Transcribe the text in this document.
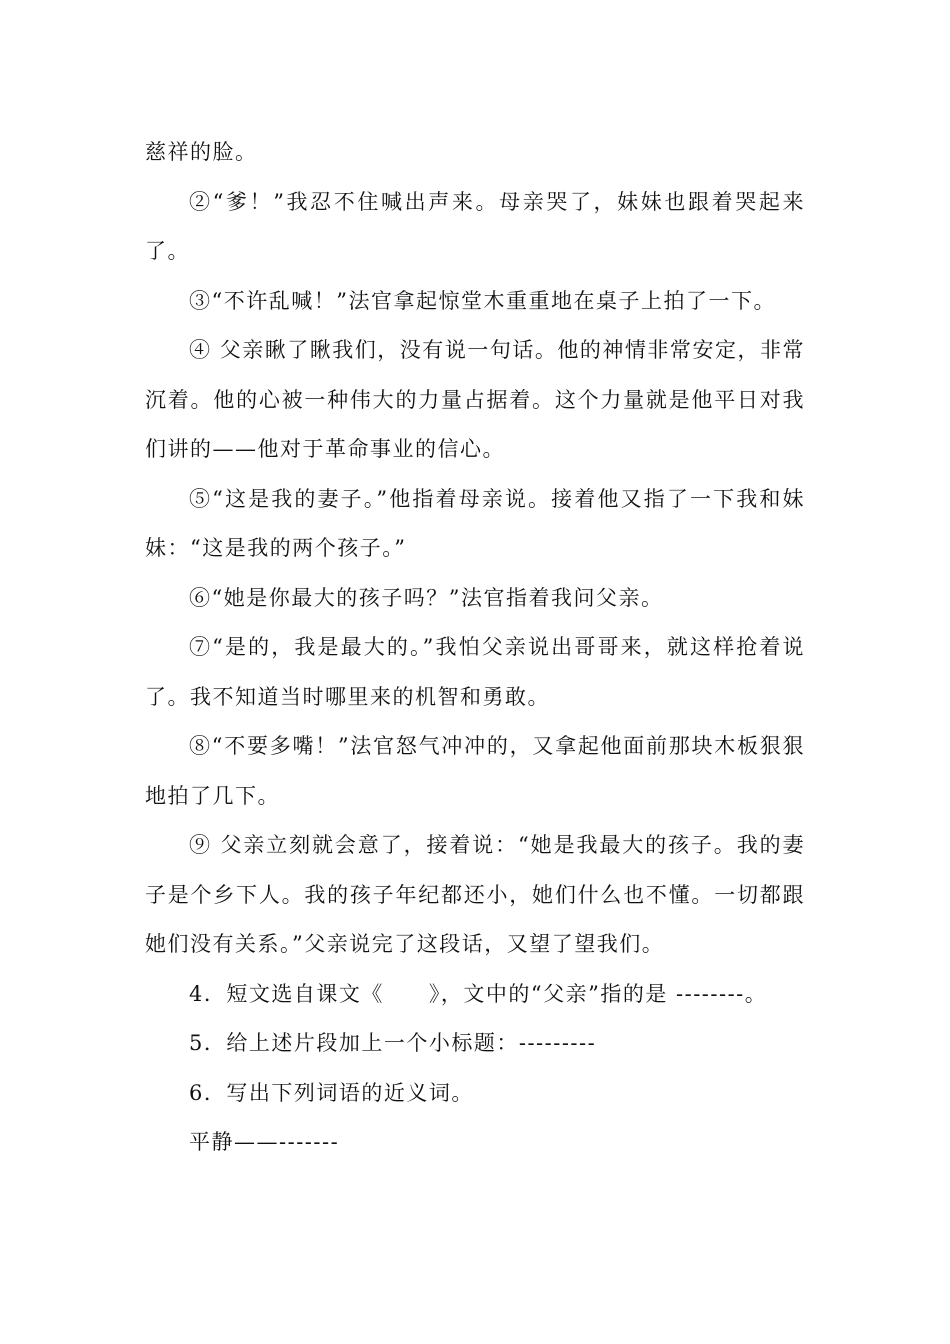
慈祥的脸。

②“爹！”我忍不住喊出声来。母亲哭了，妹妹也跟着哭起来了。

③“不许乱喊！”法官拿起惊堂木重重地在桌子上拍了一下。

④ 父亲瞅了瞅我们，没有说一句话。他的神情非常安定，非常沉着。他的心被一种伟大的力量占据着。这个力量就是他平日对我们讲的——他对于革命事业的信心。

⑤“这是我的妻子。”他指着母亲说。接着他又指了一下我和妹妹：“这是我的两个孩子。”

⑥“她是你最大的孩子吗？”法官指着我问父亲。

⑦“是的，我是最大的。”我怕父亲说出哥哥来，就这样抢着说了。我不知道当时哪里来的机智和勇敢。

⑧“不要多嘴！”法官怒气冲冲的，又拿起他面前那块木板狠狠地拍了几下。

⑨ 父亲立刻就会意了，接着说：“她是我最大的孩子。我的妻子是个乡下人。我的孩子年纪都还小，她们什么也不懂。一切都跟她们没有关系。”父亲说完了这段话，又望了望我们。

4．短文选自课文《　　》，文中的“父亲”指的是 --------。

5．给上述片段加上一个小标题：---------

6．写出下列词语的近义词。

平静——-------
